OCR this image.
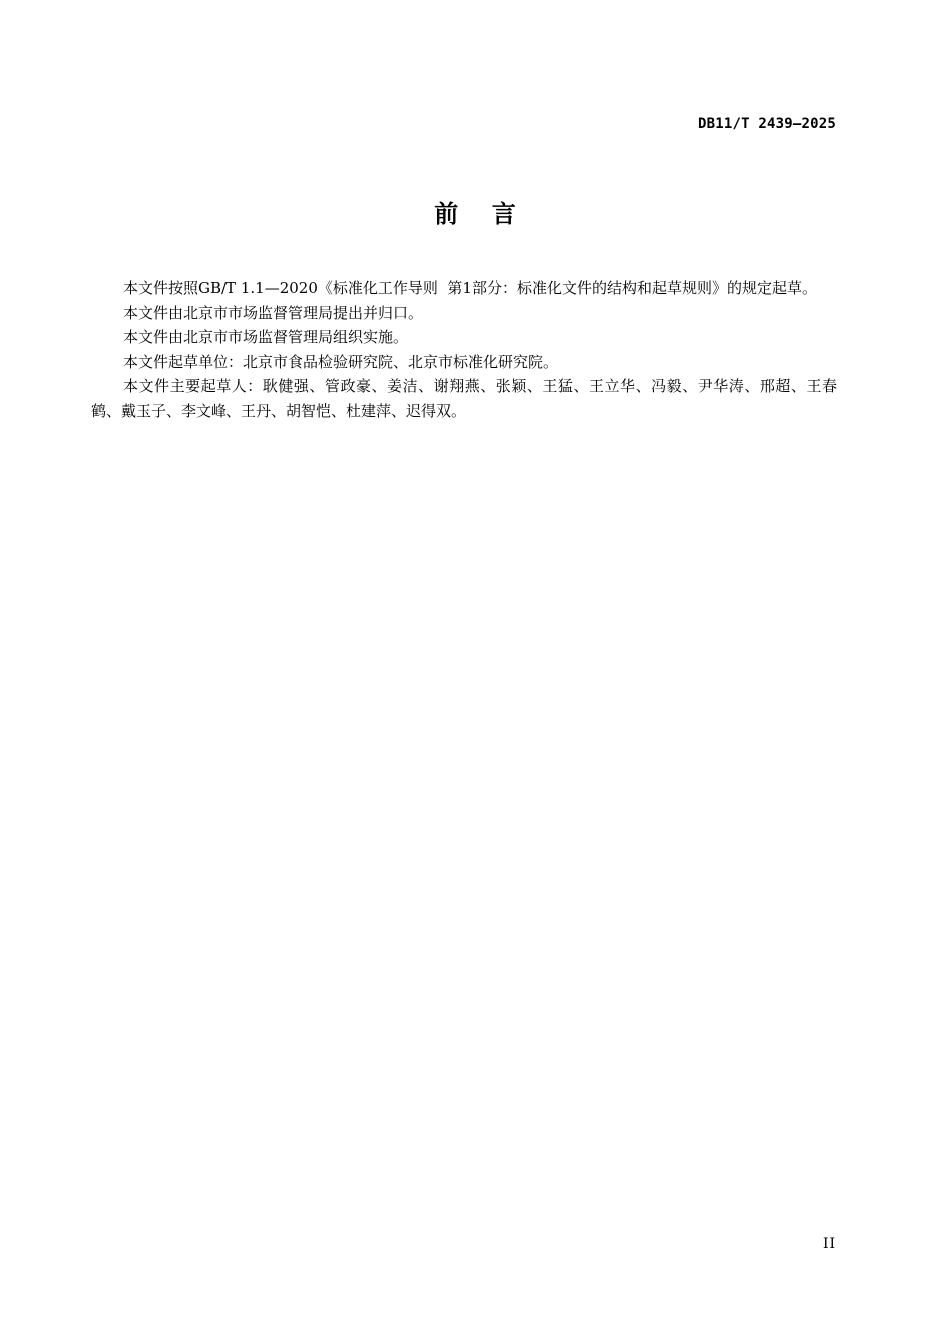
DB11/T 2439—2025
前    言

本文件按照GB/T 1.1—2020《标准化工作导则  第1部分：标准化文件的结构和起草规则》的规定起草。

本文件由北京市市场监督管理局提出并归口。

本文件由北京市市场监督管理局组织实施。

本文件起草单位：北京市食品检验研究院、北京市标准化研究院。

本文件主要起草人：耿健强、管政豪、姜洁、谢翔燕、张颖、王猛、王立华、冯毅、尹华涛、邢超、王春鹤、戴玉子、李文峰、王丹、胡智恺、杜建萍、迟得双。

II
